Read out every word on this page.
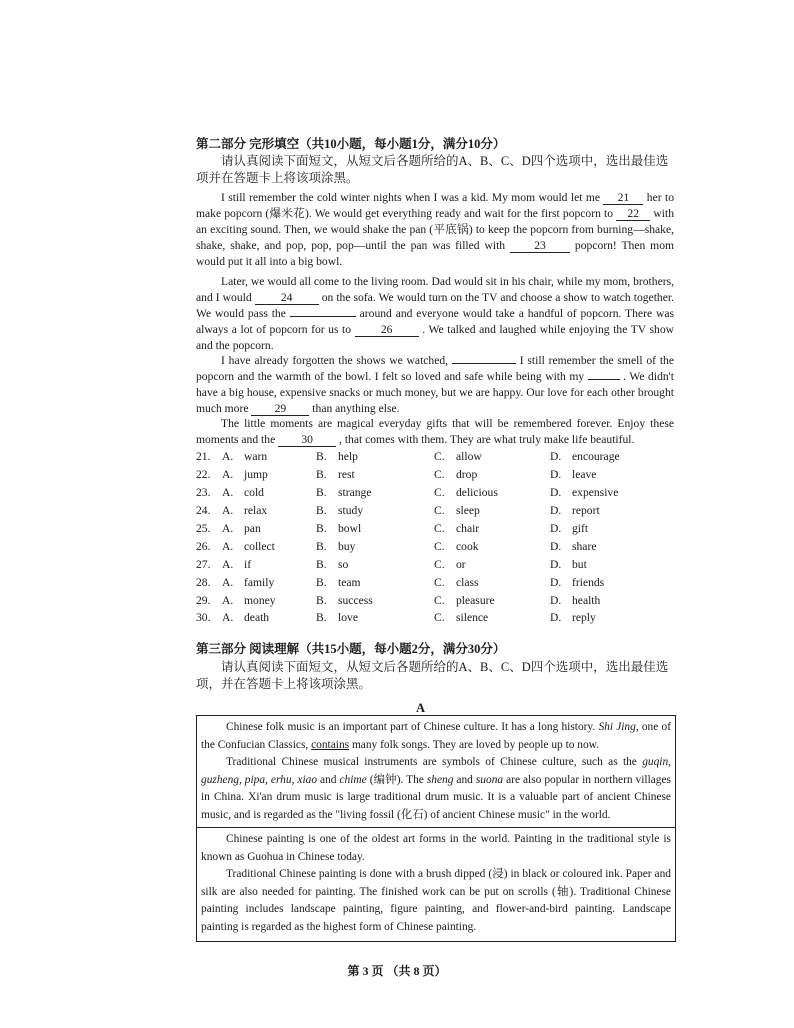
第二部分 完形填空（共10小题，每小题1分，满分10分）
请认真阅读下面短文，从短文后各题所给的A、B、C、D四个选项中，选出最佳选项并在答题卡上将该项涂黑。
I still remember the cold winter nights when I was a kid. My mom would let me 21 her to make popcorn (爆米花). We would get everything ready and wait for the first popcorn to 22 with an exciting sound. Then, we would shake the pan (平底锅) to keep the popcorn from burning—shake, shake, shake, and pop, pop, pop—until the pan was filled with	23	popcorn! Then mom would put it all into a big bowl.
Later, we would all come to the living room. Dad would sit in his chair, while my mom, brothers, and I would	24	on the sofa. We would turn on the TV and choose a show to watch together. We would pass the	around and everyone would take a handful of popcorn. There was always a lot of popcorn for us to	26	. We talked and laughed while enjoying the TV show and the popcorn.
I have already forgotten the shows we watched,	I still remember the smell of the popcorn and the warmth of the bowl. I felt so loved and safe while being with my	. We didn't have a big house, expensive snacks or much money, but we are happy. Our love for each other brought much more 29 than anything else.
The little moments are magical everyday gifts that will be remembered forever. Enjoy these moments and the 30 , that comes with them. They are what truly make life beautiful.
21. A. warn	B. help	C. allow	D. encourage
22. A. jump	B. rest	C. drop	D. leave
23. A. cold	B. strange	C. delicious	D. expensive
24. A. relax	B. study	C. sleep	D. report
25. A. pan	B. bowl	C. chair	D. gift
26. A. collect	B. buy	C. cook	D. share
27. A. if	B. so	C. or	D. but
28. A. family	B. team	C. class	D. friends
29. A. money	B. success	C. pleasure	D. health
30. A. death	B. love	C. silence	D. reply
第三部分 阅读理解（共15小题，每小题2分，满分30分）
请认真阅读下面短文，从短文后各题所给的A、B、C、D四个选项中，选出最佳选项，并在答题卡上将该项涂黑。
A

Chinese folk music is an important part of Chinese culture. It has a long history. Shi Jing, one of the Confucian Classics, contains many folk songs. They are loved by people up to now.

Traditional Chinese musical instruments are symbols of Chinese culture, such as the guqin, guzheng, pipa, erhu, xiao and chime (编钟). The sheng and suona are also popular in northern villages in China. Xi'an drum music is large traditional drum music. It is a valuable part of ancient Chinese music, and is regarded as the "living fossil (化石) of ancient Chinese music" in the world.

Chinese painting is one of the oldest art forms in the world. Painting in the traditional style is known as Guohua in Chinese today.

Traditional Chinese painting is done with a brush dipped (浸) in black or coloured ink. Paper and silk are also needed for painting. The finished work can be put on scrolls (轴). Traditional Chinese painting includes landscape painting, figure painting, and flower-and-bird painting. Landscape painting is regarded as the highest form of Chinese painting.

第 3 页 （共 8 页）
